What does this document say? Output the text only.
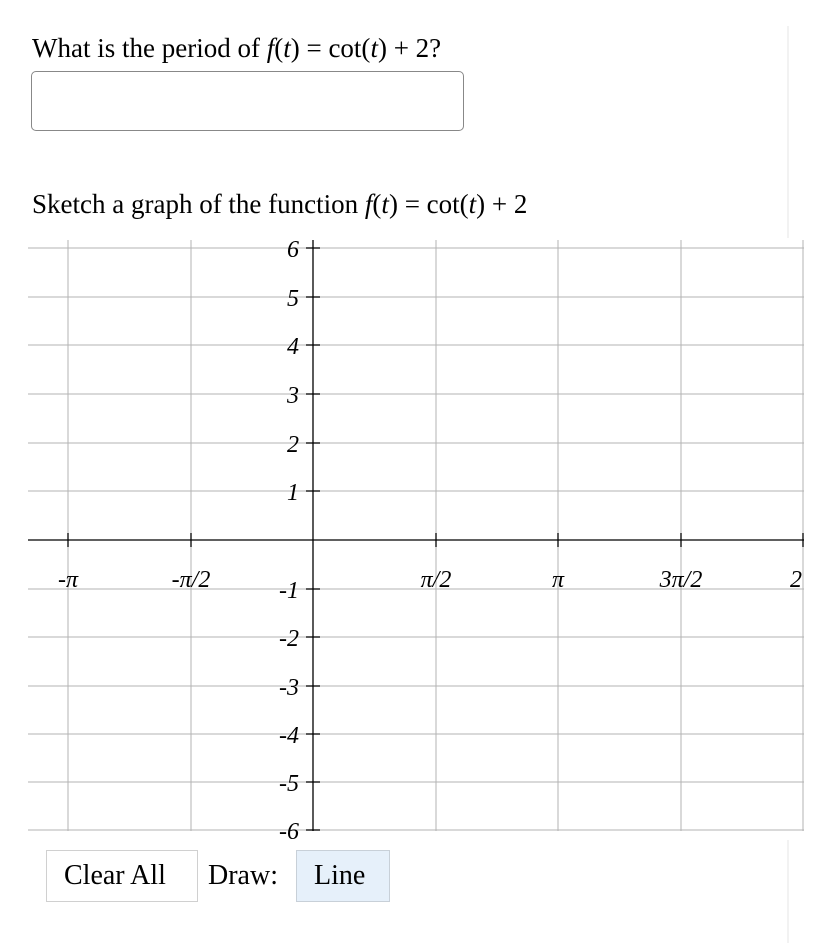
What is the period of f(t) = cot(t) + 2?
Sketch a graph of the function f(t) = cot(t) + 2
-π	-π/2	π/2	π	3π/2	2
6
5
4
3
2
1
-1
-2
-3
-4
-5
-6
Clear All	Draw:	Line
